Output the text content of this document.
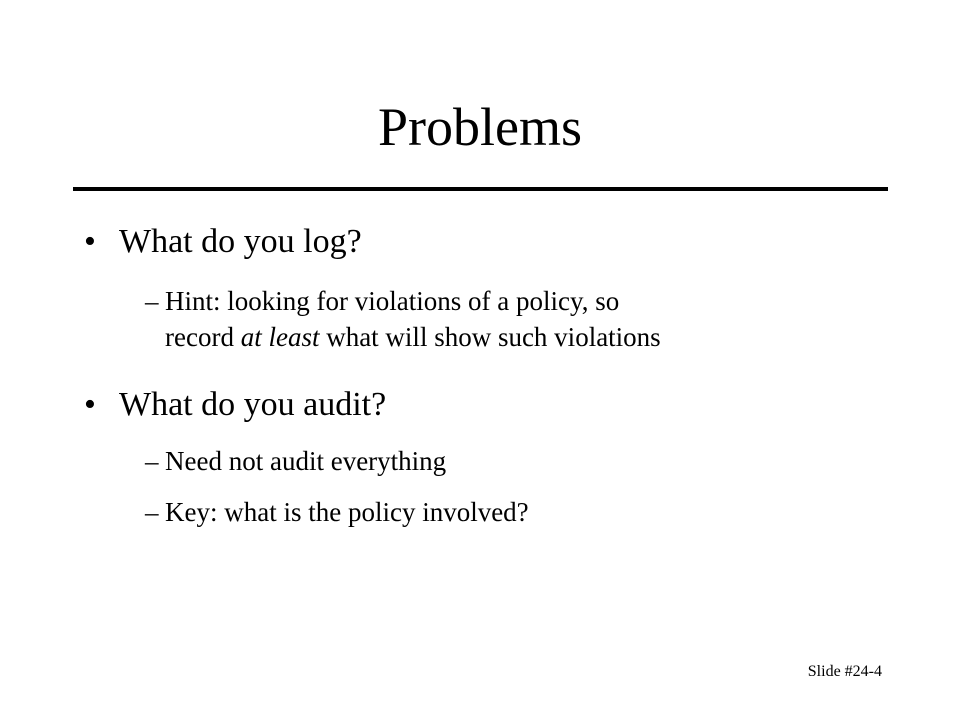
Problems
• What do you log?
– Hint: looking for violations of a policy, so
record at least what will show such violations
• What do you audit?
– Need not audit everything
– Key: what is the policy involved?
Slide #24-4
